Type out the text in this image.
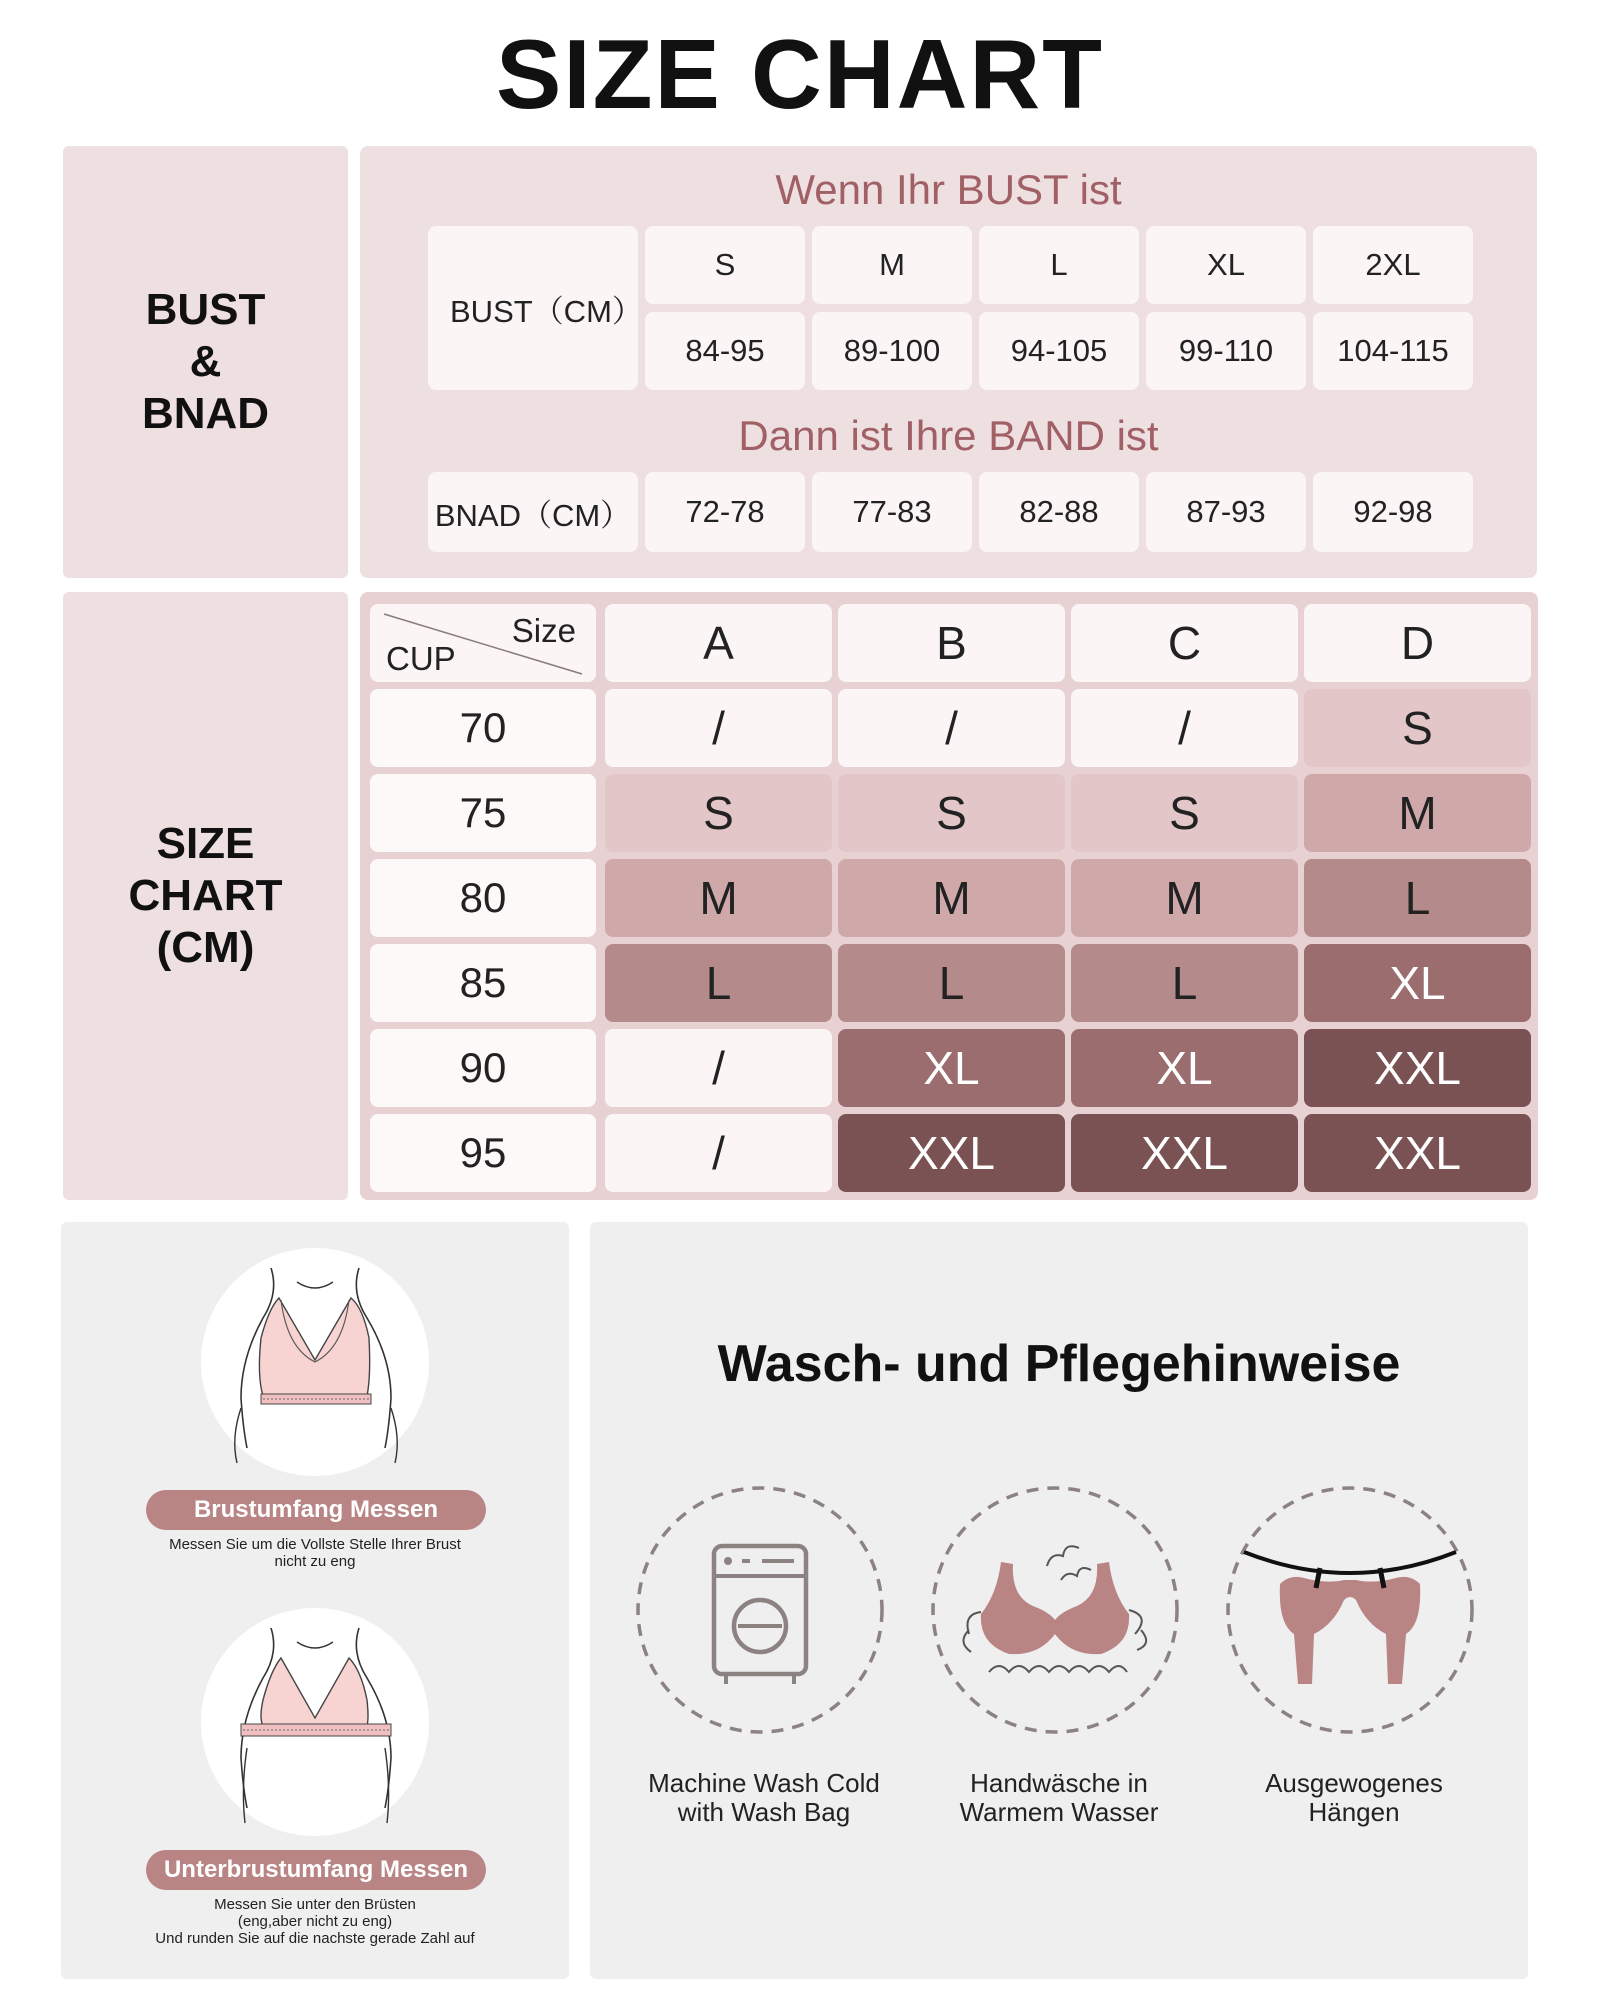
SIZE CHART
BUST
&
BNAD
Wenn Ihr BUST ist
BUST（CM）
S	M	L	XL	2XL
84-95	89-100	94-105	99-110	104-115
Dann ist Ihre BAND ist
BNAD（CM）	72-78	77-83	82-88	87-93	92-98
SIZE
CHART
(CM)
Size
CUP	A	B	C	D
70	/	/	/	S
75	S	S	S	M
80	M	M	M	L
85	L	L	L	XL
90	/	XL	XL	XXL
95	/	XXL	XXL	XXL
Brustumfang Messen
Messen Sie um die Vollste Stelle Ihrer Brust
nicht zu eng
Unterbrustumfang Messen
Messen Sie unter den Brüsten
(eng,aber nicht zu eng)
Und runden Sie auf die nachste gerade Zahl auf
Wasch- und Pflegehinweise
Machine Wash Cold
with Wash Bag
Handwäsche in
Warmem Wasser
Ausgewogenes
Hängen
